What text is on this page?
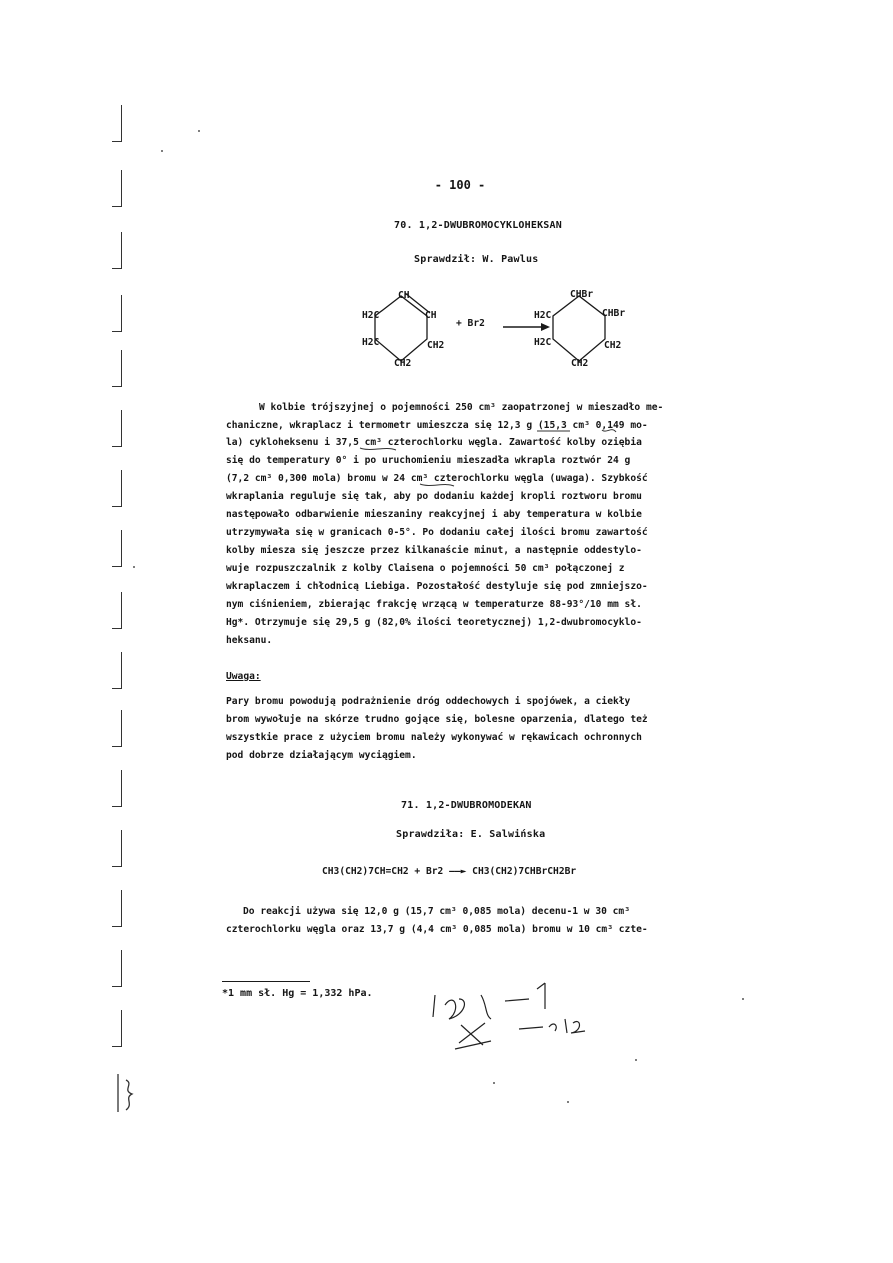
- 100 -
70. 1,2-DWUBROMOCYKLOHEKSAN
Sprawdził: W. Pawlus
CH
CH
H2C
H2C	CH2
CH2
+ Br2
CHBr
CHBr
H2C
H2C	CH2
CH2
W kolbie trójszyjnej o pojemności 250 cm³ zaopatrzonej w mieszadło me-
chaniczne, wkraplacz i termometr umieszcza się 12,3 g (15,3 cm³ 0,149 mo-
la) cykloheksenu i 37,5 cm³ czterochlorku węgla. Zawartość kolby oziębia
się do temperatury 0° i po uruchomieniu mieszadła wkrapla roztwór 24 g
(7,2 cm³ 0,300 mola) bromu w 24 cm³ czterochlorku węgla (uwaga). Szybkość
wkraplania reguluje się tak, aby po dodaniu każdej kropli roztworu bromu
następowało odbarwienie mieszaniny reakcyjnej i aby temperatura w kolbie
utrzymywała się w granicach 0-5°. Po dodaniu całej ilości bromu zawartość
kolby miesza się jeszcze przez kilkanaście minut, a następnie oddestylo-
wuje rozpuszczalnik z kolby Claisena o pojemności 50 cm³ połączonej z
wkraplaczem i chłodnicą Liebiga. Pozostałość destyluje się pod zmniejszo-
nym ciśnieniem, zbierając frakcję wrzącą w temperaturze 88-93°/10 mm sł.
Hg*. Otrzymuje się 29,5 g (82,0% ilości teoretycznej) 1,2-dwubromocyklo-
heksanu.
Uwaga:
Pary bromu powodują podrażnienie dróg oddechowych i spojówek, a ciekły
brom wywołuje na skórze trudno gojące się, bolesne oparzenia, dlatego też
wszystkie prace z użyciem bromu należy wykonywać w rękawicach ochronnych
pod dobrze działającym wyciągiem.
71. 1,2-DWUBROMODEKAN
Sprawdziła: E. Salwińska
CH3(CH2)7CH=CH2 + Br2 ——► CH3(CH2)7CHBrCH2Br
Do reakcji używa się 12,0 g (15,7 cm³ 0,085 mola) decenu-1 w 30 cm³
czterochlorku węgla oraz 13,7 g (4,4 cm³ 0,085 mola) bromu w 10 cm³ czte-
*1 mm sł. Hg = 1,332 hPa.
